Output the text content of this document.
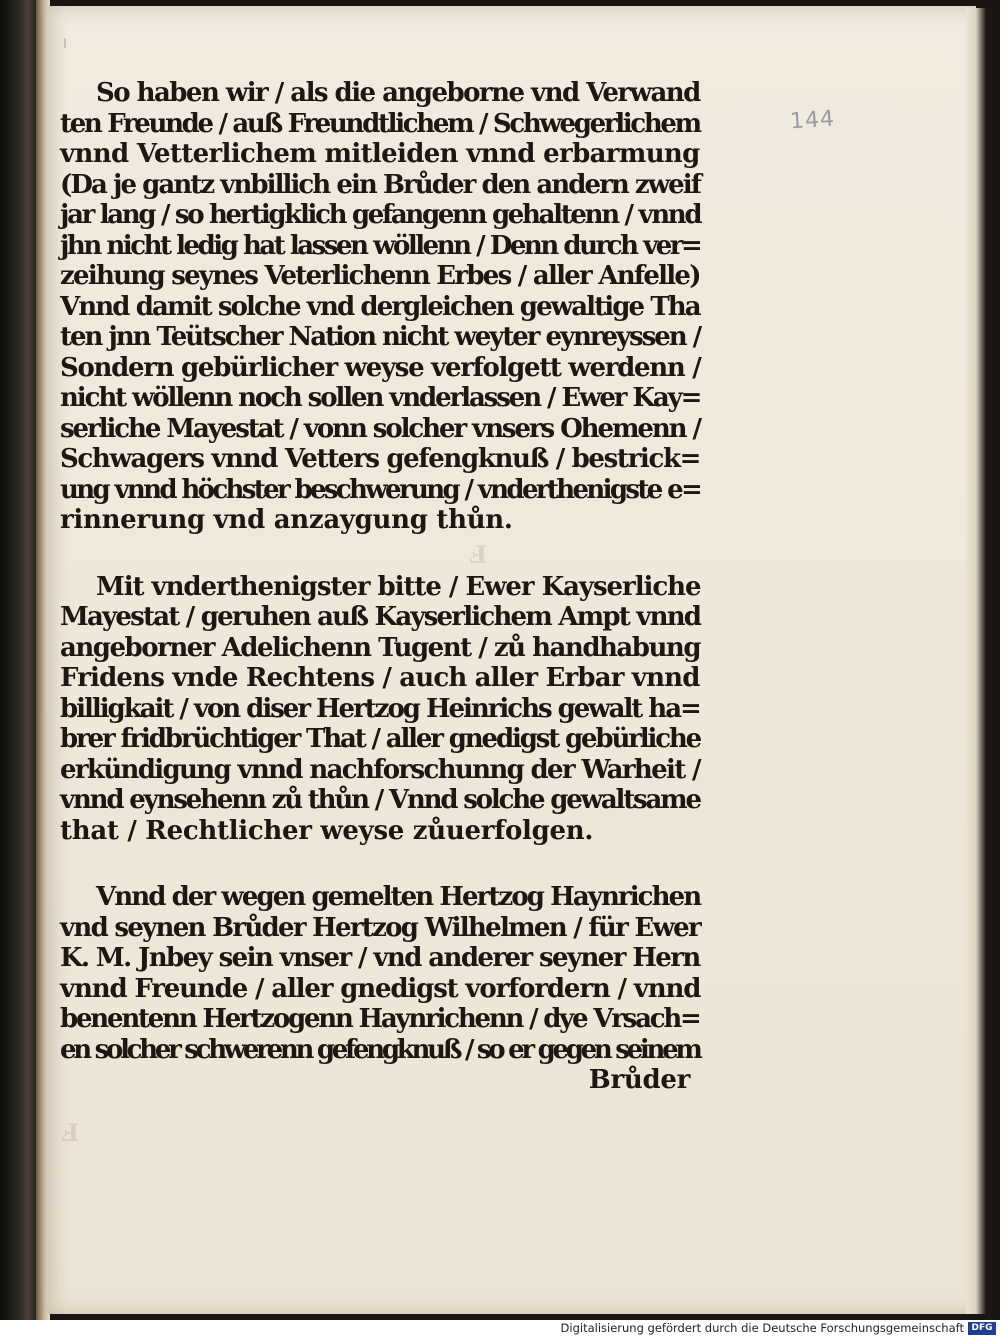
144
So haben wir / als die angeborne vnd Verwand
ten Freunde / auß Freundtlichem / Schwegerlichem
vnnd Vetterlichem mitleiden vnnd erbarmung
(Da je gantz vnbillich ein Brůder den andern zweif
jar lang / so hertigklich gefangenn gehaltenn / vnnd
jhn nicht ledig hat lassen wöllenn / Denn durch ver=
zeihung seynes Veterlichenn Erbes / aller Anfelle)
Vnnd damit solche vnd dergleichen gewaltige Tha
ten jnn Teütscher Nation nicht weyter eynreyssen /
Sondern gebürlicher weyse verfolgett werdenn /
nicht wöllenn noch sollen vnderlassen / Ewer Kay=
serliche Mayestat / vonn solcher vnsers Ohemenn /
Schwagers vnnd Vetters gefengknuß / bestrick=
ung vnnd höchster beschwerung / vnderthenigste e=
rinnerung vnd anzaygung thůn.
Mit vnderthenigster bitte / Ewer Kayserliche
Mayestat / geruhen auß Kayserlichem Ampt vnnd
angeborner Adelichenn Tugent / zů handhabung
Fridens vnde Rechtens / auch aller Erbar vnnd
billigkait / von diser Hertzog Heinrichs gewalt ha=
brer fridbrüchtiger That / aller gnedigst gebürliche
erkündigung vnnd nachforschunng der Warheit /
vnnd eynsehenn zů thůn / Vnnd solche gewaltsame
that / Rechtlicher weyse zůuerfolgen.
Vnnd der wegen gemelten Hertzog Haynrichen
vnd seynen Brůder Hertzog Wilhelmen / für Ewer
K. M. Jnbey sein vnser / vnd anderer seyner Hern
vnnd Freunde / aller gnedigst vorfordern / vnnd
benentenn Hertzogenn Haynrichenn / dye Vrsach=
en solcher schwerenn gefengknuß / so er gegen seinem
Brůder
Digitalisierung gefördert durch die Deutsche Forschungsgemeinschaft DFG
